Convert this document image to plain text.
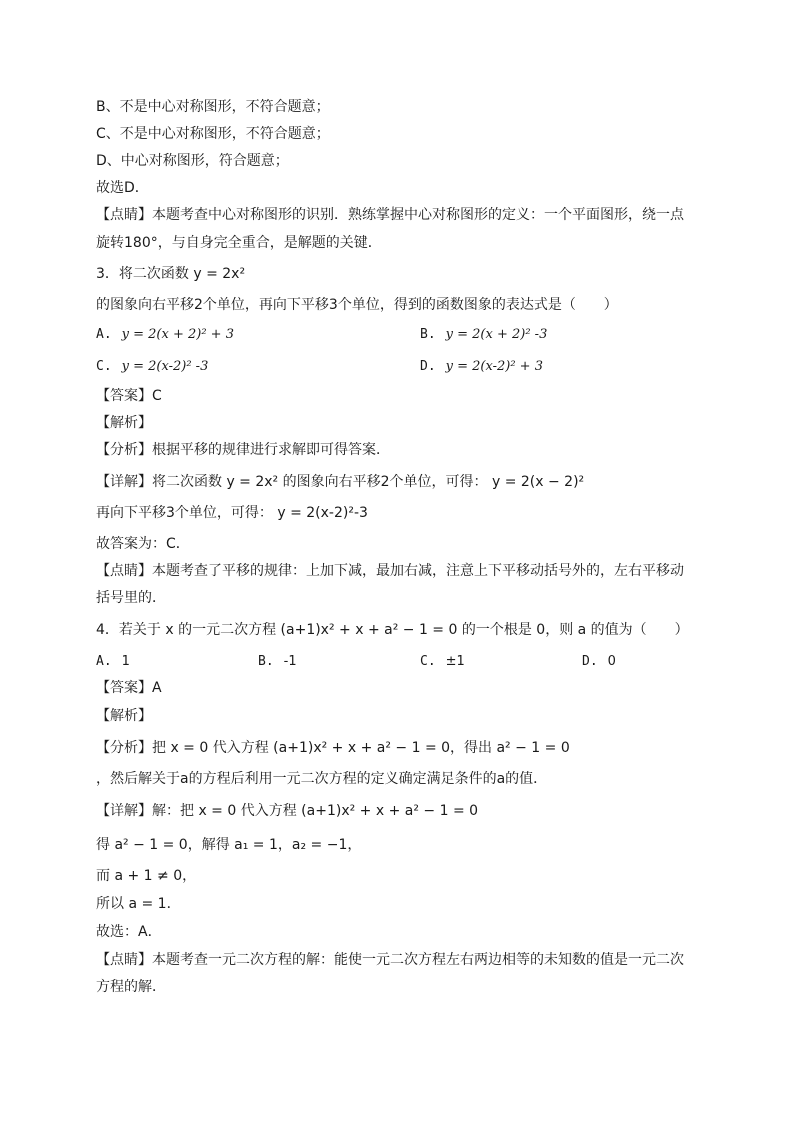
B、不是中心对称图形，不符合题意；
C、不是中心对称图形，不符合题意；
D、中心对称图形，符合题意；
故选D．
【点睛】本题考查中心对称图形的识别．熟练掌握中心对称图形的定义：一个平面图形，绕一点
旋转180°，与自身完全重合，是解题的关键．
3．将二次函数 y = 2x²
的图象向右平移2个单位，再向下平移3个单位，得到的函数图象的表达式是（　　）
A. y = 2(x + 2)² + 3	B. y = 2(x + 2)² -3
C. y = 2(x-2)² -3	D. y = 2(x-2)² + 3
【答案】C
【解析】
【分析】根据平移的规律进行求解即可得答案．
【详解】将二次函数 y = 2x² 的图象向右平移2个单位，可得： y = 2(x − 2)²
再向下平移3个单位，可得： y = 2(x-2)²-3
故答案为：C．
【点睛】本题考查了平移的规律：上加下减，最加右减，注意上下平移动括号外的，左右平移动
括号里的．
4．若关于 x 的一元二次方程 (a+1)x² + x + a² − 1 = 0 的一个根是 0，则 a 的值为（　　）
A. 1	B. -1	C. ±1	D. 0
【答案】A
【解析】
【分析】把 x = 0 代入方程 (a+1)x² + x + a² − 1 = 0，得出 a² − 1 = 0
，然后解关于a的方程后利用一元二次方程的定义确定满足条件的a的值．
【详解】解：把 x = 0 代入方程 (a+1)x² + x + a² − 1 = 0
得 a² − 1 = 0，解得 a₁ = 1，a₂ = −1，
而 a + 1 ≠ 0，
所以 a = 1．
故选：A．
【点睛】本题考查一元二次方程的解：能使一元二次方程左右两边相等的未知数的值是一元二次
方程的解．
